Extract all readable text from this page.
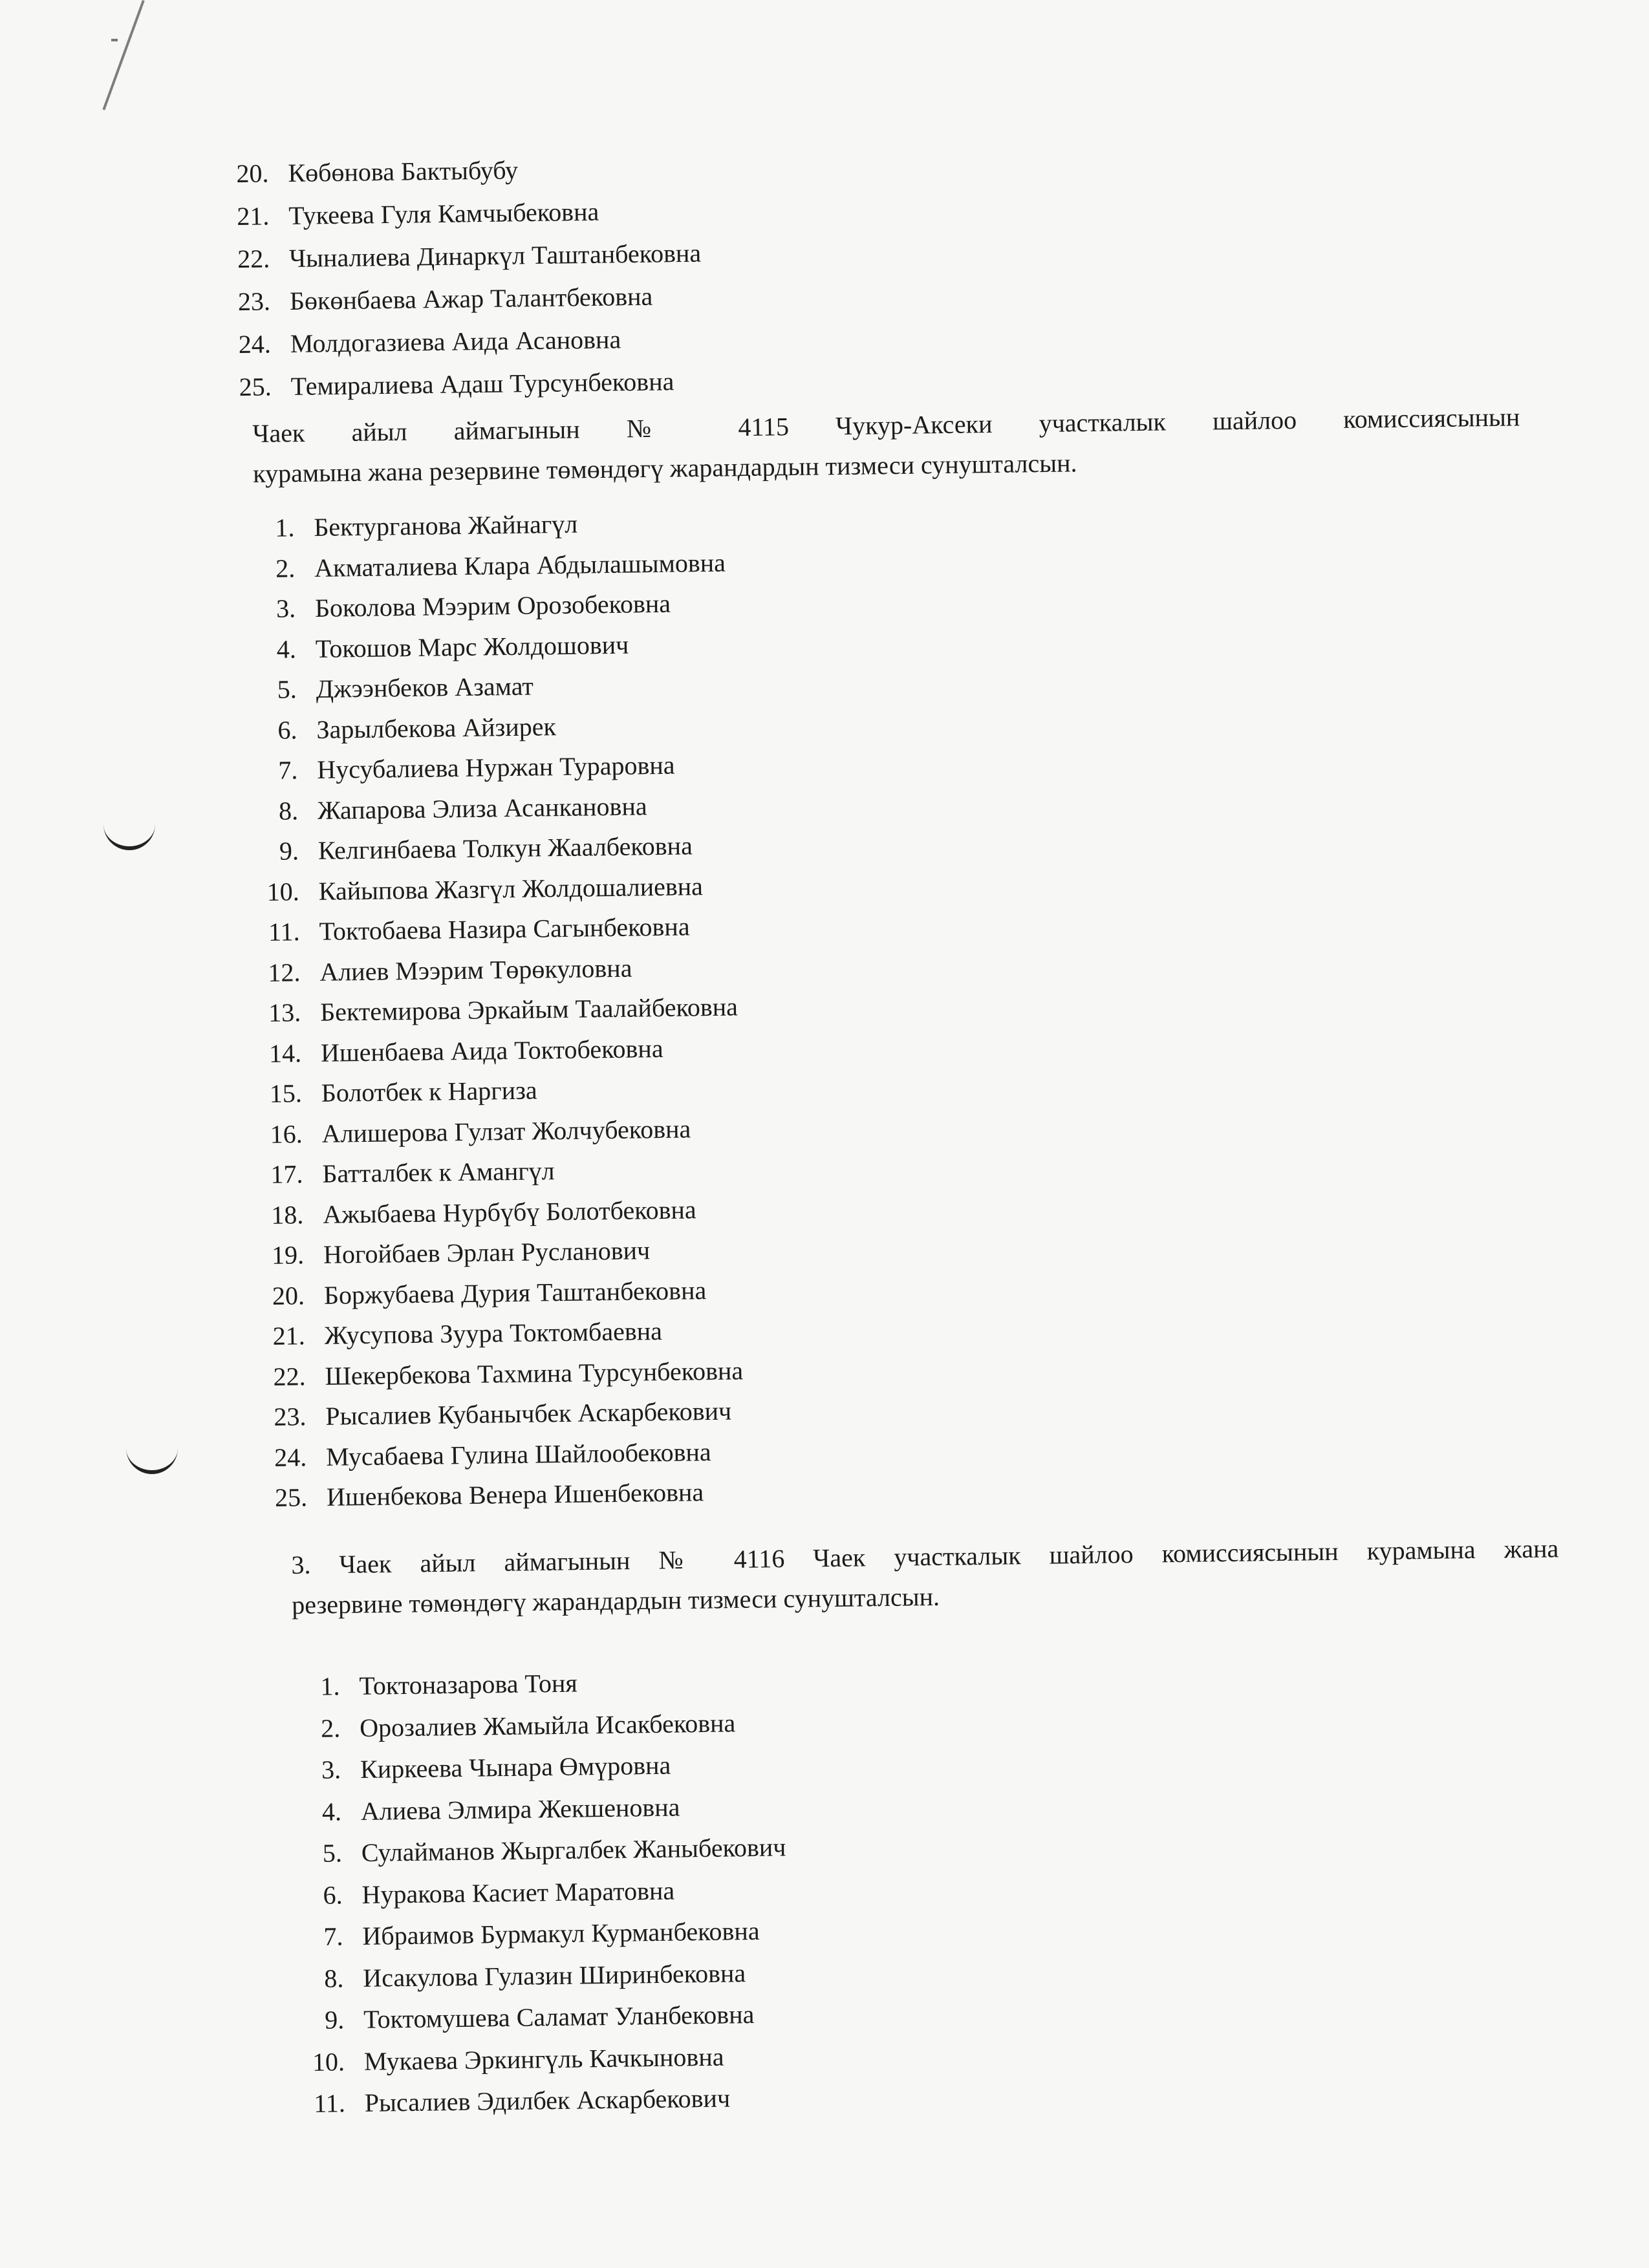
20. Көбөнова Бактыбубу
21. Тукеева Гуля Камчыбековна
22. Чыналиева Динаркүл Таштанбековна
23. Бөкөнбаева Ажар Талантбековна
24. Молдогазиева Аида Асановна
25. Темиралиева Адаш Турсунбековна
Чаек айыл аймагынын № 4115 Чукур-Аксеки участкалык шайлоо комиссиясынын
курамына жана резервине төмөндөгү жарандардын тизмеси сунушталсын.
1. Бектурганова Жайнагүл
2. Акматалиева Клара Абдылашымовна
3. Боколова Мээрим Орозобековна
4. Токошов Марс Жолдошович
5. Джээнбеков Азамат
6. Зарылбекова Айзирек
7. Нусубалиева Нуржан Тураровна
8. Жапарова Элиза Асанкановна
9. Келгинбаева Толкун Жаалбековна
10. Кайыпова Жазгүл Жолдошалиевна
11. Токтобаева Назира Сагынбековна
12. Алиев Мээрим Төрөкуловна
13. Бектемирова Эркайым Таалайбековна
14. Ишенбаева Аида Токтобековна
15. Болотбек к Наргиза
16. Алишерова Гулзат Жолчубековна
17. Батталбек к Амангүл
18. Ажыбаева Нурбүбү Болотбековна
19. Ногойбаев Эрлан Русланович
20. Боржубаева Дурия Таштанбековна
21. Жусупова Зуура Токтомбаевна
22. Шекербекова Тахмина Турсунбековна
23. Рысалиев Кубанычбек Аскарбекович
24. Мусабаева Гулина Шайлообековна
25. Ишенбекова Венера Ишенбековна
3. Чаек айыл аймагынын № 4116 Чаек участкалык шайлоо комиссиясынын курамына жана
резервине төмөндөгү жарандардын тизмеси сунушталсын.
1. Токтоназарова Тоня
2. Орозалиев Жамыйла Исакбековна
3. Киркеева Чынара Өмүровна
4. Алиева Элмира Жекшеновна
5. Сулайманов Жыргалбек Жаныбекович
6. Нуракова Касиет Маратовна
7. Ибраимов Бурмакул Курманбековна
8. Исакулова Гулазин Ширинбековна
9. Токтомушева Саламат Уланбековна
10. Мукаева Эркингүль Качкыновна
11. Рысалиев Эдилбек Аскарбекович
